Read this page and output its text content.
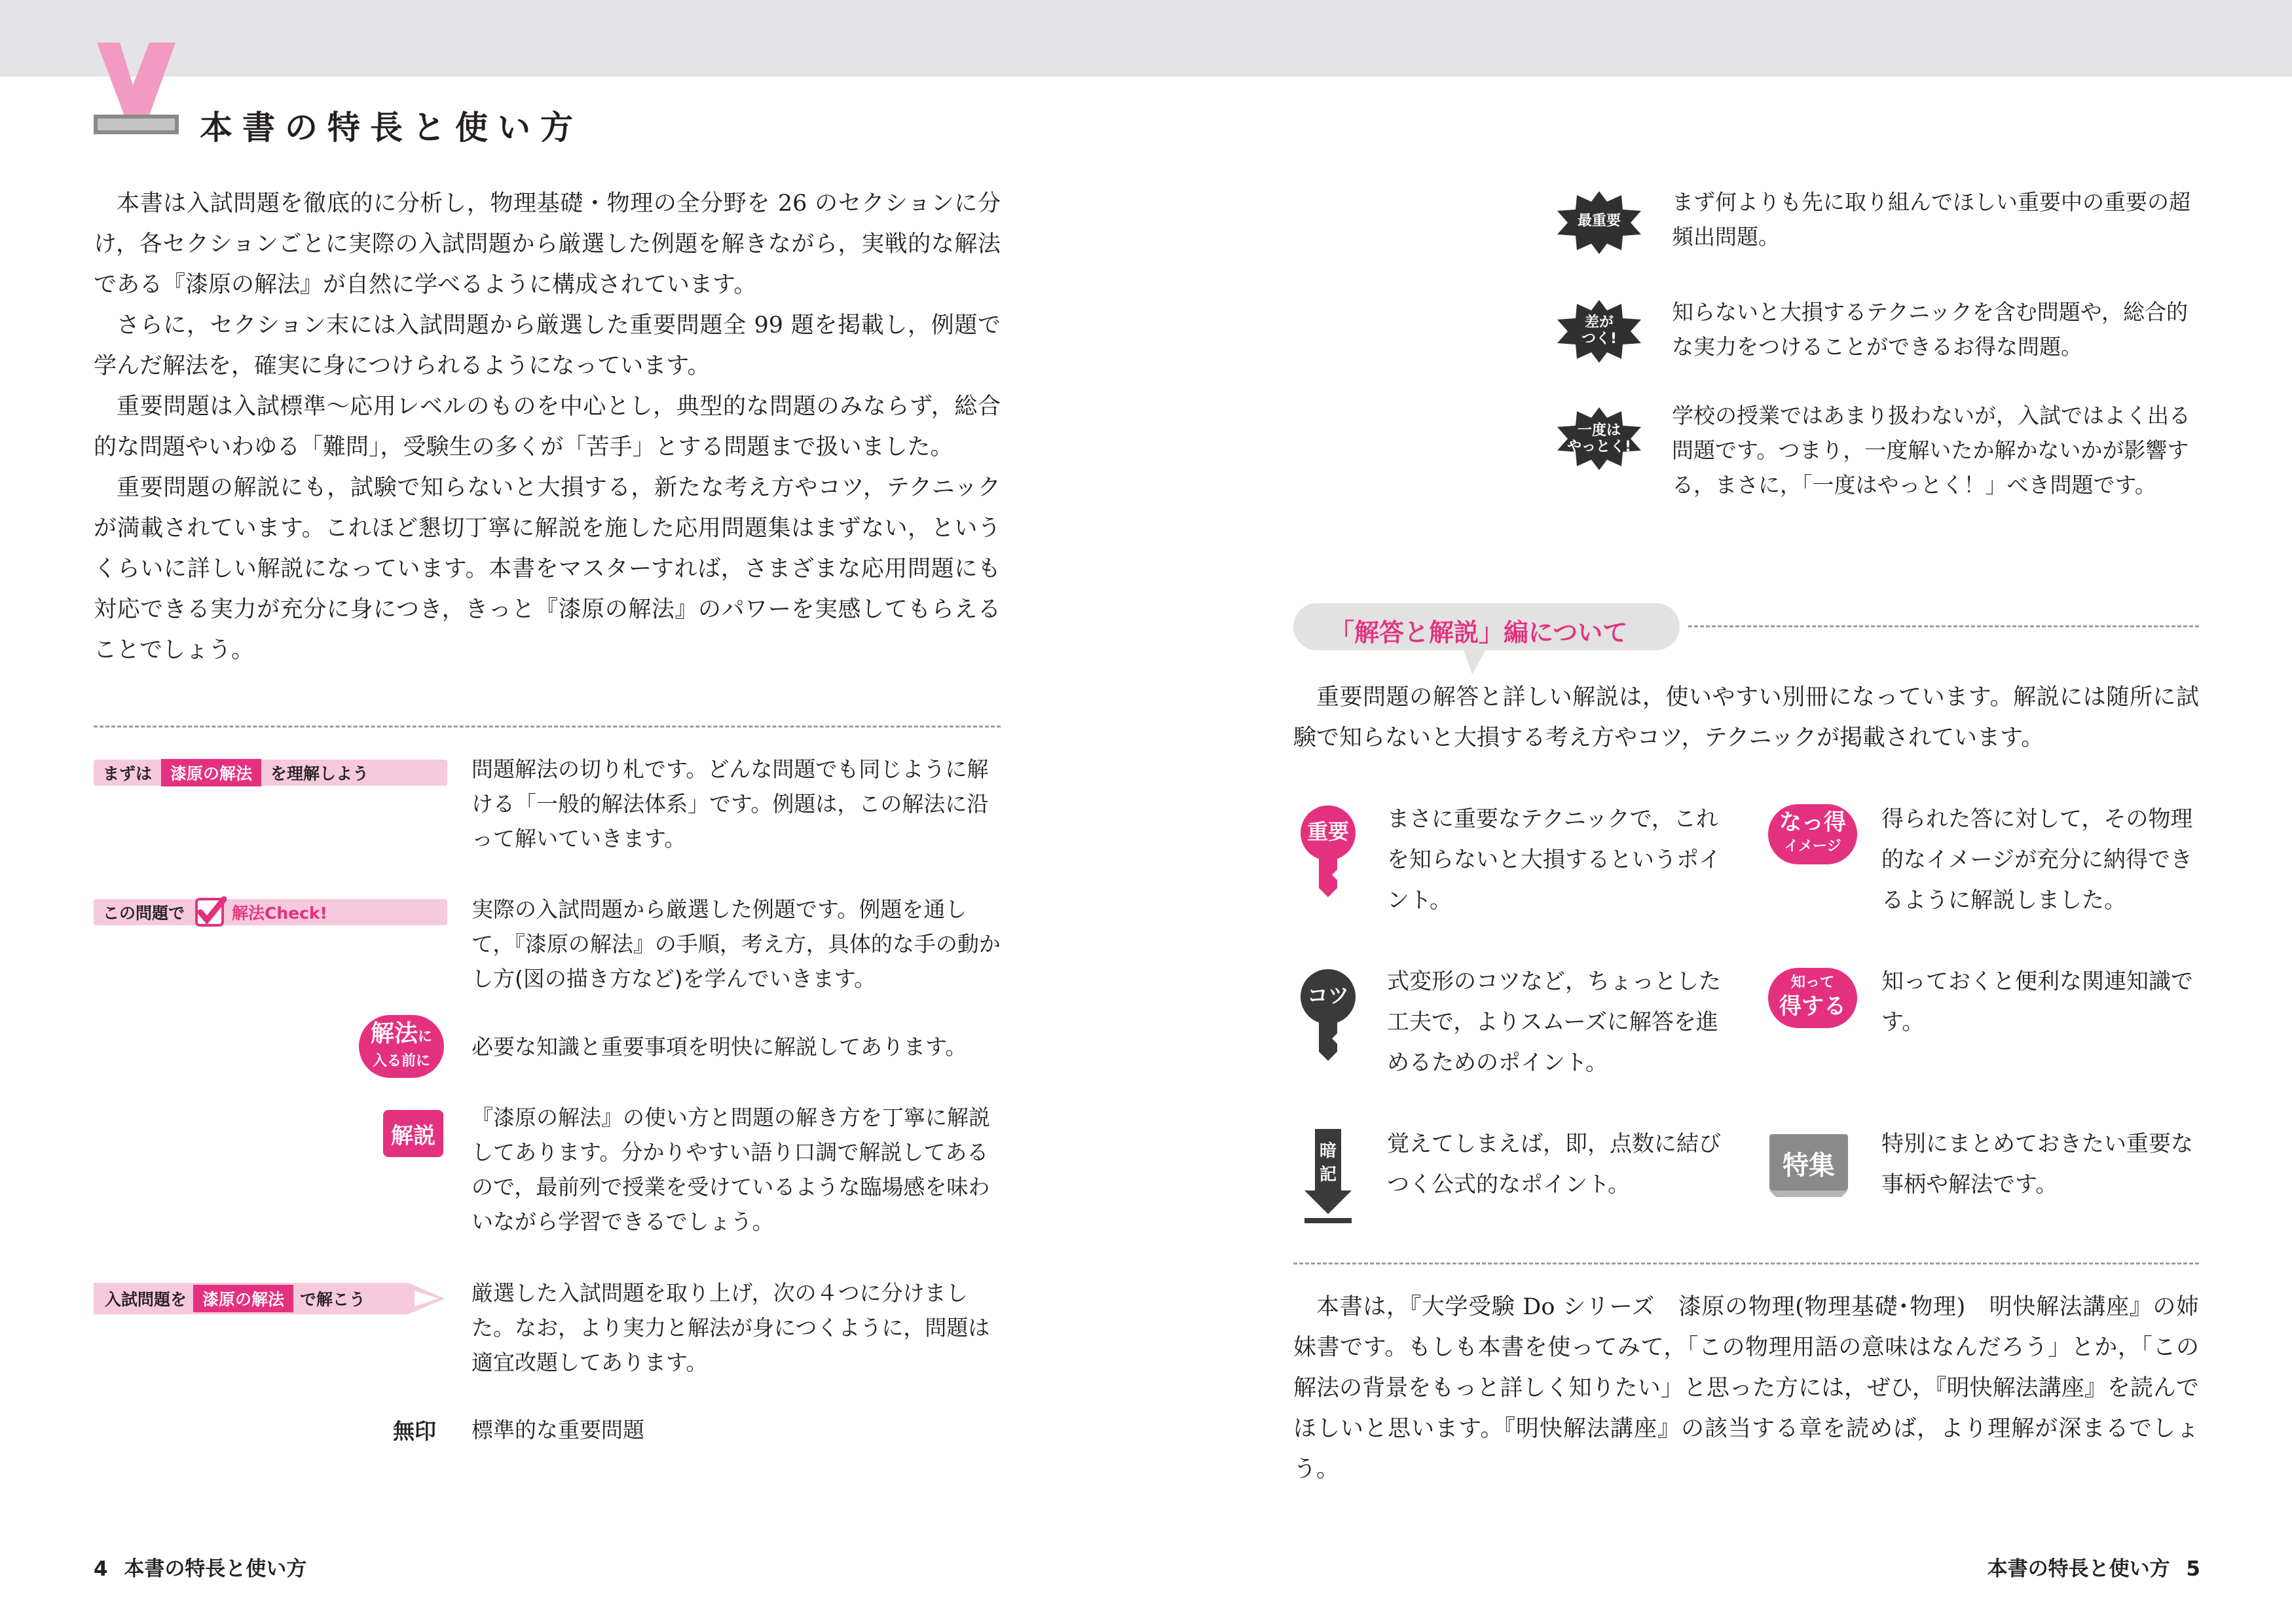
本書の特長と使い方

本書は入試問題を徹底的に分析し，物理基礎・物理の全分野を 26 のセクションに分け，各セクションごとに実際の入試問題から厳選した例題を解きながら，実戦的な解法である『漆原の解法』が自然に学べるように構成されています。

さらに，セクション末には入試問題から厳選した重要問題全 99 題を掲載し，例題で学んだ解法を，確実に身につけられるようになっています。

重要問題は入試標準～応用レベルのものを中心とし，典型的な問題のみならず，総合的な問題やいわゆる「難問」，受験生の多くが「苦手」とする問題まで扱いました。

重要問題の解説にも，試験で知らないと大損する，新たな考え方やコツ，テクニックが満載されています。これほど懇切丁寧に解説を施した応用問題集はまずない，というくらいに詳しい解説になっています。本書をマスターすれば，さまざまな応用問題にも対応できる実力が充分に身につき，きっと『漆原の解法』のパワーを実感してもらえることでしょう。

まずは	漆原の解法	を理解しよう	問題解法の切り札です。どんな問題でも同じように解ける「一般的解法体系」です。例題は，この解法に沿って解いていきます。
この問題で	解法Check!	実際の入試問題から厳選した例題です。例題を通して，『漆原の解法』の手順，考え方，具体的な手の動かし方(図の描き方など)を学んでいきます。
解法に
入る前に
必要な知識と重要事項を明快に解説してあります。
解説
『漆原の解法』の使い方と問題の解き方を丁寧に解説してあります。分かりやすい語り口調で解説してあるので，最前列で授業を受けているような臨場感を味わいながら学習できるでしょう。
入試問題を 漆原の解法 で解こう	厳選した入試問題を取り上げ，次の４つに分けました。なお，より実力と解法が身につくように，問題は適宜改題してあります。
無印 標準的な重要問題
4 本書の特長と使い方
最重要
まず何よりも先に取り組んでほしい重要中の重要の超頻出問題。
差が
つく!
知らないと大損するテクニックを含む問題や，総合的な実力をつけることができるお得な問題。
一度は
やっとく!
学校の授業ではあまり扱わないが，入試ではよく出る問題です。つまり，一度解いたか解かないかが影響する，まさに，「一度はやっとく！」べき問題です。
「解答と解説」編について
重要問題の解答と詳しい解説は，使いやすい別冊になっています。解説には随所に試験で知らないと大損する考え方やコツ，テクニックが掲載されています。
重要	まさに重要なテクニックで，これを知らないと大損するというポイント。
なっ得
イメージ
得られた答に対して，その物理的なイメージが充分に納得できるように解説しました。
コツ
式変形のコツなど，ちょっとした工夫で，よりスムーズに解答を進めるためのポイント。
知って
得する
知っておくと便利な関連知識です。
暗
記
覚えてしまえば，即，点数に結びつく公式的なポイント。
特集
特別にまとめておきたい重要な事柄や解法です。
本書は，『大学受験 Do シリーズ　漆原の物理(物理基礎･物理)　明快解法講座』の姉妹書です。もしも本書を使ってみて，「この物理用語の意味はなんだろう」とか，「この解法の背景をもっと詳しく知りたい」と思った方には，ぜひ，『明快解法講座』を読んでほしいと思います。『明快解法講座』の該当する章を読めば，より理解が深まるでしょう。
本書の特長と使い方 5
